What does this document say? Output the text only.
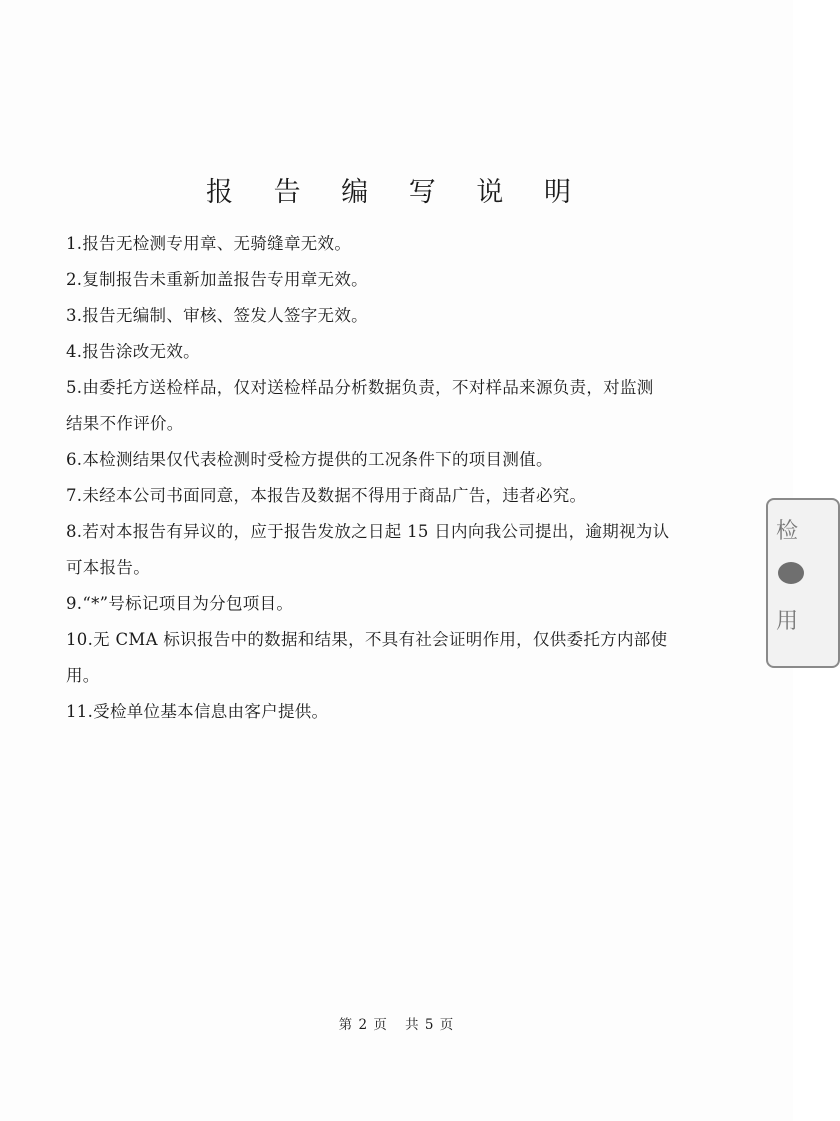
报 告 编 写 说 明
1.报告无检测专用章、无骑缝章无效。
2.复制报告未重新加盖报告专用章无效。
3.报告无编制、审核、签发人签字无效。
4.报告涂改无效。
5.由委托方送检样品，仅对送检样品分析数据负责，不对样品来源负责，对监测
结果不作评价。
6.本检测结果仅代表检测时受检方提供的工况条件下的项目测值。
7.未经本公司书面同意，本报告及数据不得用于商品广告，违者必究。
8.若对本报告有异议的，应于报告发放之日起 15 日内向我公司提出，逾期视为认
可本报告。
9.“*”号标记项目为分包项目。
10.无 CMA 标识报告中的数据和结果，不具有社会证明作用，仅供委托方内部使
用。
11.受检单位基本信息由客户提供。
第 2 页 共 5 页
检
用
